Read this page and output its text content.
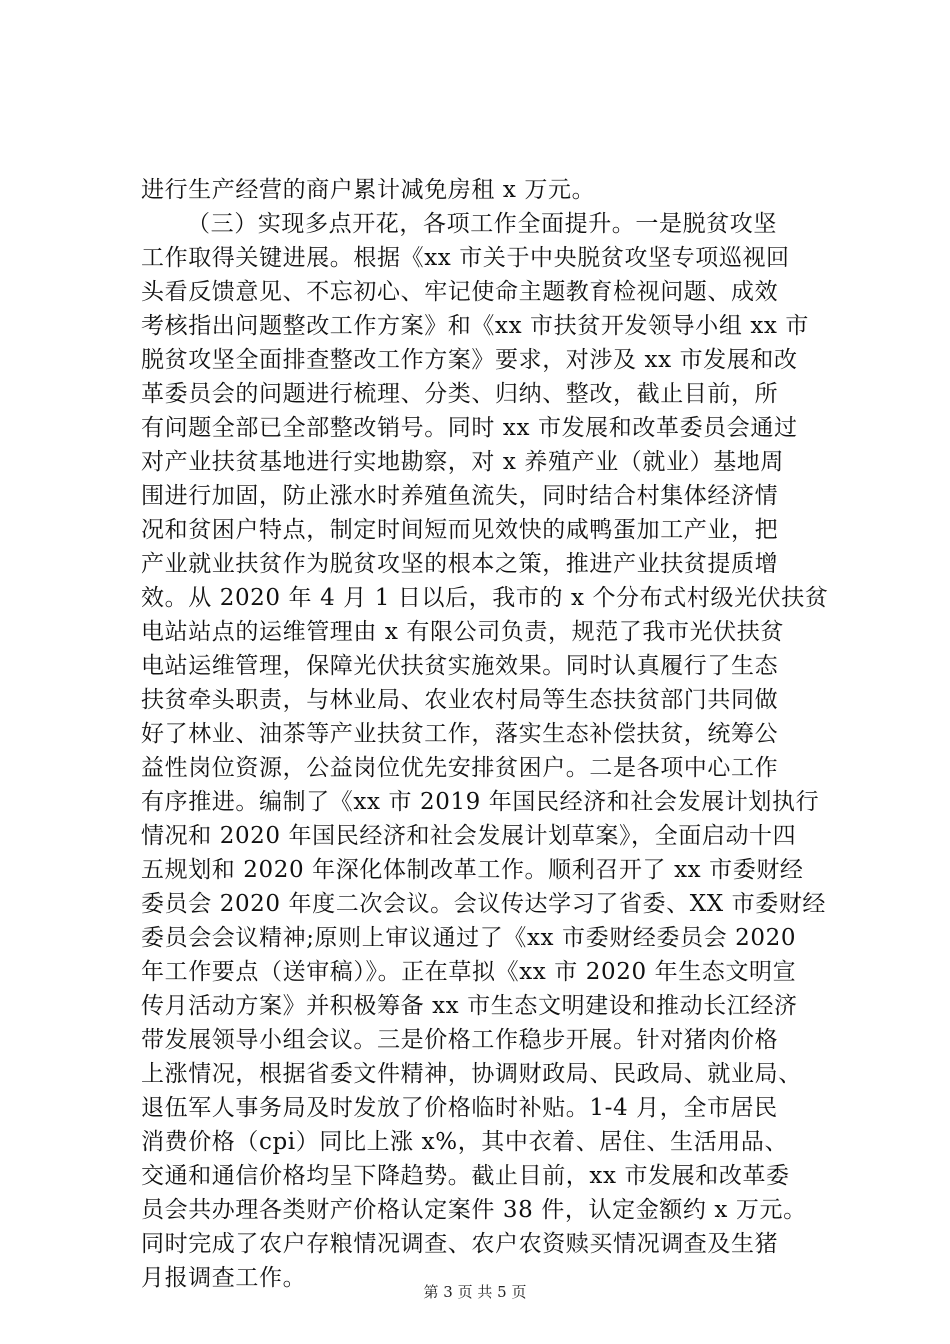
进行生产经营的商户累计减免房租 x 万元。
（三）实现多点开花，各项工作全面提升。一是脱贫攻坚
工作取得关键进展。根据《xx 市关于中央脱贫攻坚专项巡视回
头看反馈意见、不忘初心、牢记使命主题教育检视问题、成效
考核指出问题整改工作方案》和《xx 市扶贫开发领导小组 xx 市
脱贫攻坚全面排查整改工作方案》要求，对涉及 xx 市发展和改
革委员会的问题进行梳理、分类、归纳、整改，截止目前，所
有问题全部已全部整改销号。同时 xx 市发展和改革委员会通过
对产业扶贫基地进行实地勘察，对 x 养殖产业（就业）基地周
围进行加固，防止涨水时养殖鱼流失，同时结合村集体经济情
况和贫困户特点，制定时间短而见效快的咸鸭蛋加工产业，把
产业就业扶贫作为脱贫攻坚的根本之策，推进产业扶贫提质增
效。从 2020 年 4 月 1 日以后，我市的 x 个分布式村级光伏扶贫
电站站点的运维管理由 x 有限公司负责，规范了我市光伏扶贫
电站运维管理，保障光伏扶贫实施效果。同时认真履行了生态
扶贫牵头职责，与林业局、农业农村局等生态扶贫部门共同做
好了林业、油茶等产业扶贫工作，落实生态补偿扶贫，统筹公
益性岗位资源，公益岗位优先安排贫困户。二是各项中心工作
有序推进。编制了《xx 市 2019 年国民经济和社会发展计划执行
情况和 2020 年国民经济和社会发展计划草案》，全面启动十四
五规划和 2020 年深化体制改革工作。顺利召开了 xx 市委财经
委员会 2020 年度二次会议。会议传达学习了省委、XX 市委财经
委员会会议精神;原则上审议通过了《xx 市委财经委员会 2020
年工作要点（送审稿）》。正在草拟《xx 市 2020 年生态文明宣
传月活动方案》并积极筹备 xx 市生态文明建设和推动长江经济
带发展领导小组会议。三是价格工作稳步开展。针对猪肉价格
上涨情况，根据省委文件精神，协调财政局、民政局、就业局、
退伍军人事务局及时发放了价格临时补贴。1-4 月，全市居民
消费价格（cpi）同比上涨 x%，其中衣着、居住、生活用品、
交通和通信价格均呈下降趋势。截止目前，xx 市发展和改革委
员会共办理各类财产价格认定案件 38 件，认定金额约 x 万元。
同时完成了农户存粮情况调查、农户农资赎买情况调查及生猪
月报调查工作。
第 3 页 共 5 页
